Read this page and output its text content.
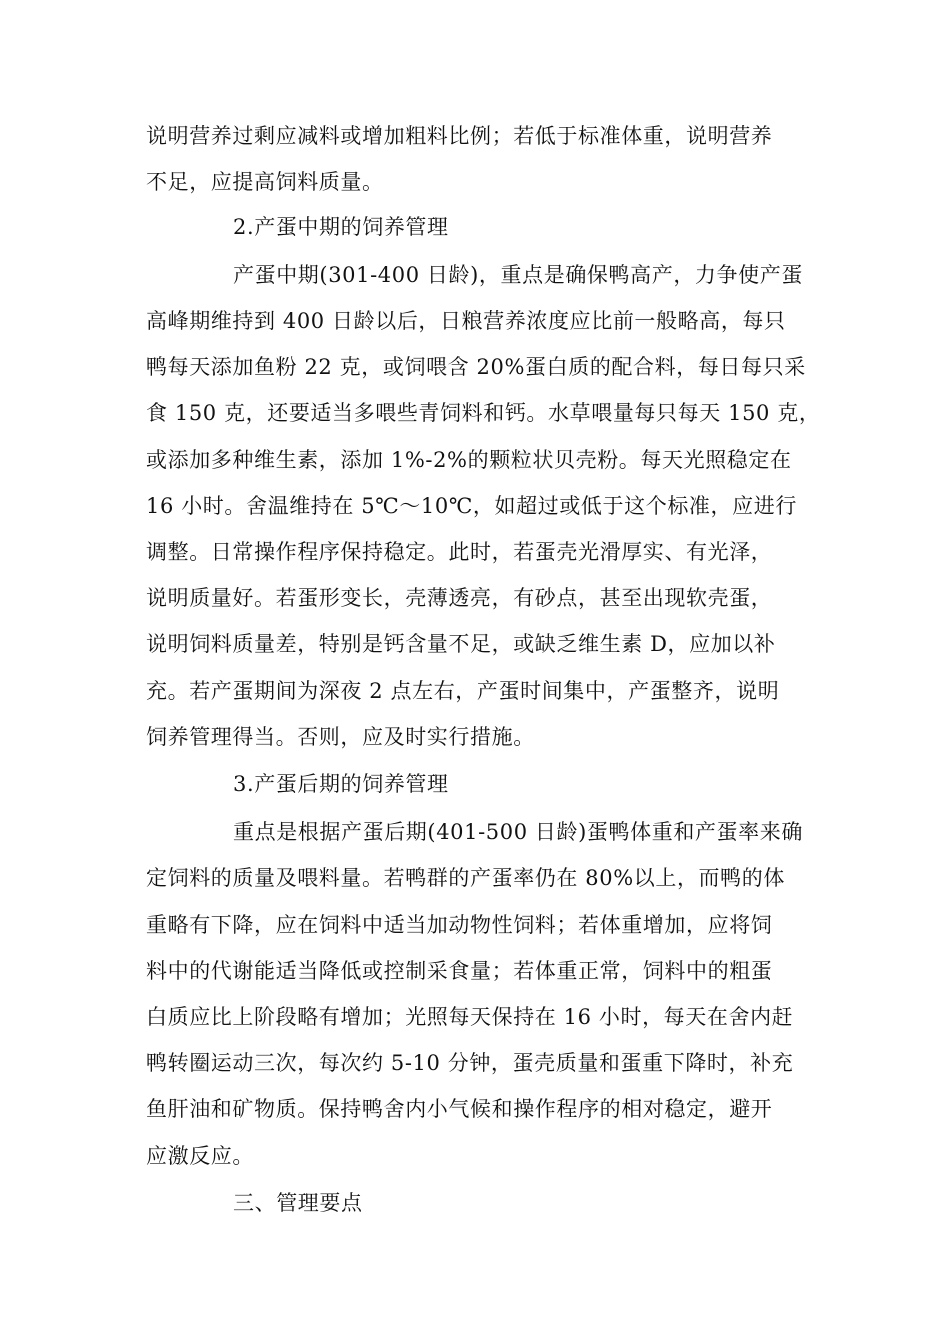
说明营养过剩应减料或增加粗料比例；若低于标准体重，说明营养
不足，应提高饲料质量。
2.产蛋中期的饲养管理
产蛋中期(301-400 日龄)，重点是确保鸭高产，力争使产蛋
高峰期维持到 400 日龄以后，日粮营养浓度应比前一般略高，每只
鸭每天添加鱼粉 22 克，或饲喂含 20%蛋白质的配合料，每日每只采
食 150 克，还要适当多喂些青饲料和钙。水草喂量每只每天 150 克，
或添加多种维生素，添加 1%-2%的颗粒状贝壳粉。每天光照稳定在
16 小时。舍温维持在 5℃～10℃，如超过或低于这个标准，应进行
调整。日常操作程序保持稳定。此时，若蛋壳光滑厚实、有光泽，
说明质量好。若蛋形变长，壳薄透亮，有砂点，甚至出现软壳蛋，
说明饲料质量差，特别是钙含量不足，或缺乏维生素 D，应加以补
充。若产蛋期间为深夜 2 点左右，产蛋时间集中，产蛋整齐，说明
饲养管理得当。否则，应及时实行措施。
3.产蛋后期的饲养管理
重点是根据产蛋后期(401-500 日龄)蛋鸭体重和产蛋率来确
定饲料的质量及喂料量。若鸭群的产蛋率仍在 80%以上，而鸭的体
重略有下降，应在饲料中适当加动物性饲料；若体重增加，应将饲
料中的代谢能适当降低或控制采食量；若体重正常，饲料中的粗蛋
白质应比上阶段略有增加；光照每天保持在 16 小时，每天在舍内赶
鸭转圈运动三次，每次约 5-10 分钟，蛋壳质量和蛋重下降时，补充
鱼肝油和矿物质。保持鸭舍内小气候和操作程序的相对稳定，避开
应激反应。
三、管理要点
